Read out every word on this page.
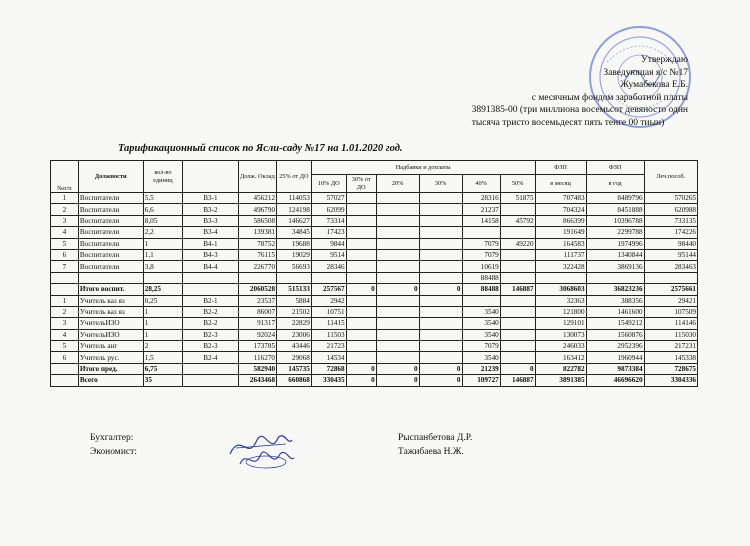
Утверждаю
Заведующая я/с №17
Жумабекова Е.Б.
с месячным фондом заработной платы
3891385-00 (три миллиона восемьсот девяносто один
тысяча тристо восемьдесят пять тенге 00 тиын)
Тарификационный список по Ясли-саду №17 на 1.01.2020 год.
№п/п	Должности	кол-во единиц		Долж. Оклад	25% от ДО	Надбавки и доплаты						ФЗП	ФЗП	Леч.пособ.
						10% ДО	30% от ДО	20%	30%	40%	50%	в месяц	в год	
1	Воспитатели	5,5	В3-1	456212	114053	57027				28316	51875	707483	8489796	570265
2	Воспитатели	6,6	В3-2	496790	124198	62099				21237		704324	8451888	620988
3	Воспитатели	8,05	В3-3	586508	146627	73314				14158	45792	866399	10396788	733135
4	Воспитатели	2,2	В3-4	139381	34845	17423						191649	2299788	174226
5	Воспитатели	1	В4-1	78752	19688	9844				7079	49220	164583	1974996	98440
6	Воспитатели	1,1	В4-3	76115	19029	9514				7079		111737	1340844	95144
7	Воспитатели	3,8	В4-4	226770	56693	28346				10619		322428	3869136	283463
										88488				
	Итого воспит.	28,25		2060528	515133	257567	0	0	0	88488	146887	3068603	36823236	2575661
1	Учитель каз яз	0,25	В2-1	23537	5884	2942						32363	388356	29421
2	Учитель каз яз	1	В2-2	86007	21502	10751				3540		121800	1461600	107509
3	УчительИЗО	1	В2-2	91317	22829	11415				3540		129101	1549212	114146
4	УчительИЗО	1	В2-3	92024	23006	11503				3540		130073	1560876	115030
5	Учитель анг	2	В2-3	173785	43446	21723				7079		246033	2952396	217231
6	Учитель рус.	1,5	В2-4	116270	29068	14534				3540		163412	1960944	145338
	Итого пред.	6,75		582940	145735	72868	0	0	0	21239	0	822782	9873384	728675
	Всего	35		2643468	660868	330435	0	0	0	109727	146887	3891385	46696620	3304336
Бухгалтер:	Рыспанбетова Д.Р.
Экономист:	Тажибаева Н.Ж.
